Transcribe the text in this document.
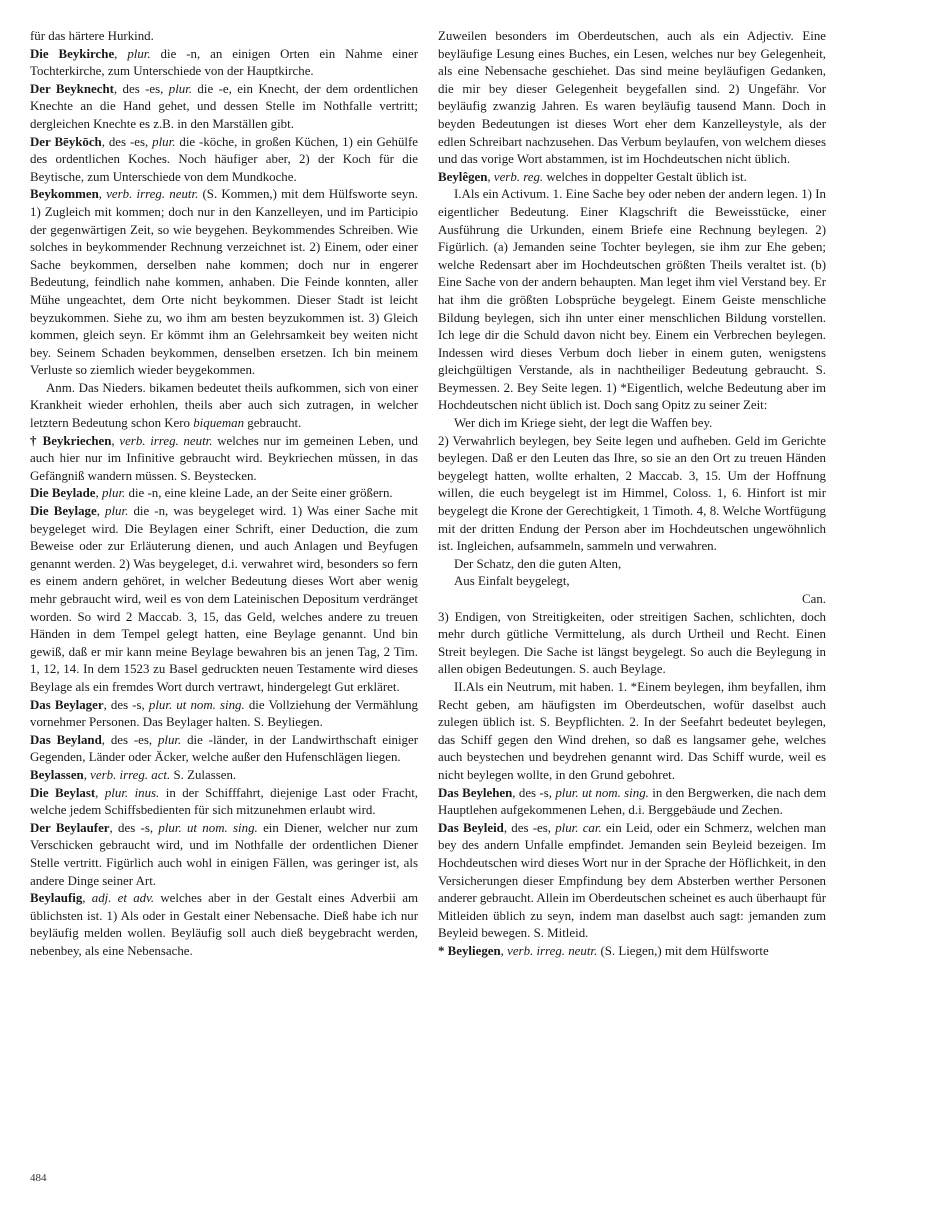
für das härtere Hurkind.

Die Beykirche, plur. die -n, an einigen Orten ein Nahme einer Tochterkirche, zum Unterschiede von der Hauptkirche.

Der Beyknecht, des -es, plur. die -e, ein Knecht, der dem ordentlichen Knechte an die Hand gehet, und dessen Stelle im Nothfalle vertritt; dergleichen Knechte es z.B. in den Marställen gibt.

Der Bēykōch, des -es, plur. die -köche, in großen Küchen, 1) ein Gehülfe des ordentlichen Koches. Noch häufiger aber, 2) der Koch für die Beytische, zum Unterschiede von dem Mundkoche.

Beykommen, verb. irreg. neutr. (S. Kommen,) mit dem Hülfsworte seyn. 1) Zugleich mit kommen; doch nur in den Kanzelleyen, und im Participio der gegenwärtigen Zeit, so wie beygehen. Beykommendes Schreiben. Wie solches in beykommender Rechnung verzeichnet ist. 2) Einem, oder einer Sache beykommen, derselben nahe kommen; doch nur in engerer Bedeutung, feindlich nahe kommen, anhaben. Die Feinde konnten, aller Mühe ungeachtet, dem Orte nicht beykommen. Dieser Stadt ist leicht beyzukommen. Siehe zu, wo ihm am besten beyzukommen ist. 3) Gleich kommen, gleich seyn. Er kömmt ihm an Gelehrsamkeit bey weiten nicht bey. Seinem Schaden beykommen, denselben ersetzen. Ich bin meinem Verluste so ziemlich wieder beygekommen.

Anm. Das Nieders. bikamen bedeutet theils aufkommen, sich von einer Krankheit wieder erhohlen, theils aber auch sich zutragen, in welcher letztern Bedeutung schon Kero biqueman gebraucht.

† Beykriechen, verb. irreg. neutr. welches nur im gemeinen Leben, und auch hier nur im Infinitive gebraucht wird. Beykriechen müssen, in das Gefängniß wandern müssen. S. Beystecken.

Die Beylade, plur. die -n, eine kleine Lade, an der Seite einer größern.

Die Beylage, plur. die -n, was beygeleget wird. 1) Was einer Sache mit beygeleget wird. Die Beylagen einer Schrift, einer Deduction, die zum Beweise oder zur Erläuterung dienen, und auch Anlagen und Beyfugen genannt werden. 2) Was beygeleget, d.i. verwahret wird, besonders so fern es einem andern gehöret, in welcher Bedeutung dieses Wort aber wenig mehr gebraucht wird, weil es von dem Lateinischen Depositum verdränget worden. So wird 2 Maccab. 3, 15, das Geld, welches andere zu treuen Händen in dem Tempel gelegt hatten, eine Beylage genannt. Und bin gewiß, daß er mir kann meine Beylage bewahren bis an jenen Tag, 2 Tim. 1, 12, 14. In dem 1523 zu Basel gedruckten neuen Testamente wird dieses Beylage als ein fremdes Wort durch vertrawt, hindergelegt Gut erkläret.

Das Beylager, des -s, plur. ut nom. sing. die Vollziehung der Vermählung vornehmer Personen. Das Beylager halten. S. Beyliegen.

Das Beyland, des -es, plur. die -länder, in der Landwirthschaft einiger Gegenden, Länder oder Äcker, welche außer den Hufenschlägen liegen.

Beylassen, verb. irreg. act. S. Zulassen.

Die Beylast, plur. inus. in der Schifffahrt, diejenige Last oder Fracht, welche jedem Schiffsbedienten für sich mitzunehmen erlaubt wird.

Der Beylaufer, des -s, plur. ut nom. sing. ein Diener, welcher nur zum Verschicken gebraucht wird, und im Nothfalle der ordentlichen Diener Stelle vertritt. Figürlich auch wohl in einigen Fällen, was geringer ist, als andere Dinge seiner Art.

Beylaufig, adj. et adv. welches aber in der Gestalt eines Adverbii am üblichsten ist. 1) Als oder in Gestalt einer Nebensache. Dieß habe ich nur beyläufig melden wollen. Beyläufig soll auch dieß beygebracht werden, nebenbey, als eine Nebensache.

Zuweilen besonders im Oberdeutschen, auch als ein Adjectiv. Eine beyläufige Lesung eines Buches, ein Lesen, welches nur bey Gelegenheit, als eine Nebensache geschiehet. Das sind meine beyläufigen Gedanken, die mir bey dieser Gelegenheit beygefallen sind. 2) Ungefähr. Vor beyläufig zwanzig Jahren. Es waren beyläufig tausend Mann. Doch in beyden Bedeutungen ist dieses Wort eher dem Kanzelleystyle, als der edlen Schreibart nachzusehen. Das Verbum beylaufen, von welchem dieses und das vorige Wort abstammen, ist im Hochdeutschen nicht üblich.

Beylêgen, verb. reg. welches in doppelter Gestalt üblich ist.

I.Als ein Activum. 1. Eine Sache bey oder neben der andern legen. 1) In eigentlicher Bedeutung. Einer Klagschrift die Beweisstücke, einer Ausführung die Urkunden, einem Briefe eine Rechnung beylegen. 2) Figürlich. (a) Jemanden seine Tochter beylegen, sie ihm zur Ehe geben; welche Redensart aber im Hochdeutschen größten Theils veraltet ist. (b) Eine Sache von der andern behaupten. Man leget ihm viel Verstand bey. Er hat ihm die größten Lobsprüche beygelegt. Einem Geiste menschliche Bildung beylegen, sich ihn unter einer menschlichen Bildung vorstellen. Ich lege dir die Schuld davon nicht bey. Einem ein Verbrechen beylegen. Indessen wird dieses Verbum doch lieber in einem guten, wenigstens gleichgültigen Verstande, als in nachtheiliger Bedeutung gebraucht. S. Beymessen. 2. Bey Seite legen. 1) *Eigentlich, welche Bedeutung aber im Hochdeutschen nicht üblich ist. Doch sang Opitz zu seiner Zeit:

Wer dich im Kriege sieht, der legt die Waffen bey.

2) Verwahrlich beylegen, bey Seite legen und aufheben. Geld im Gerichte beylegen. Daß er den Leuten das Ihre, so sie an den Ort zu treuen Händen beygelegt hatten, wollte erhalten, 2 Maccab. 3, 15. Um der Hoffnung willen, die euch beygelegt ist im Himmel, Coloss. 1, 6. Hinfort ist mir beygelegt die Krone der Gerechtigkeit, 1 Timoth. 4, 8. Welche Wortfügung mit der dritten Endung der Person aber im Hochdeutschen ungewöhnlich ist. Ingleichen, aufsammeln, sammeln und verwahren.

Der Schatz, den die guten Alten,

Aus Einfalt beygelegt,

Can.

3) Endigen, von Streitigkeiten, oder streitigen Sachen, schlichten, doch mehr durch gütliche Vermittelung, als durch Urtheil und Recht. Einen Streit beylegen. Die Sache ist längst beygelegt. So auch die Beylegung in allen obigen Bedeutungen. S. auch Beylage.

II.Als ein Neutrum, mit haben. 1. *Einem beylegen, ihm beyfallen, ihm Recht geben, am häufigsten im Oberdeutschen, wofür daselbst auch zulegen üblich ist. S. Beypflichten. 2. In der Seefahrt bedeutet beylegen, das Schiff gegen den Wind drehen, so daß es langsamer gehe, welches auch beystechen und beydrehen genannt wird. Das Schiff wurde, weil es nicht beylegen wollte, in den Grund gebohret.

Das Beylehen, des -s, plur. ut nom. sing. in den Bergwerken, die nach dem Hauptlehen aufgekommenen Lehen, d.i. Berggebäude und Zechen.

Das Beyleid, des -es, plur. car. ein Leid, oder ein Schmerz, welchen man bey des andern Unfalle empfindet. Jemanden sein Beyleid bezeigen. Im Hochdeutschen wird dieses Wort nur in der Sprache der Höflichkeit, in den Versicherungen dieser Empfindung bey dem Absterben werther Personen anderer gebraucht. Allein im Oberdeutschen scheinet es auch überhaupt für Mitleiden üblich zu seyn, indem man daselbst auch sagt: jemanden zum Beyleid bewegen. S. Mitleid.

* Beyliegen, verb. irreg. neutr. (S. Liegen,) mit dem Hülfsworte

484
